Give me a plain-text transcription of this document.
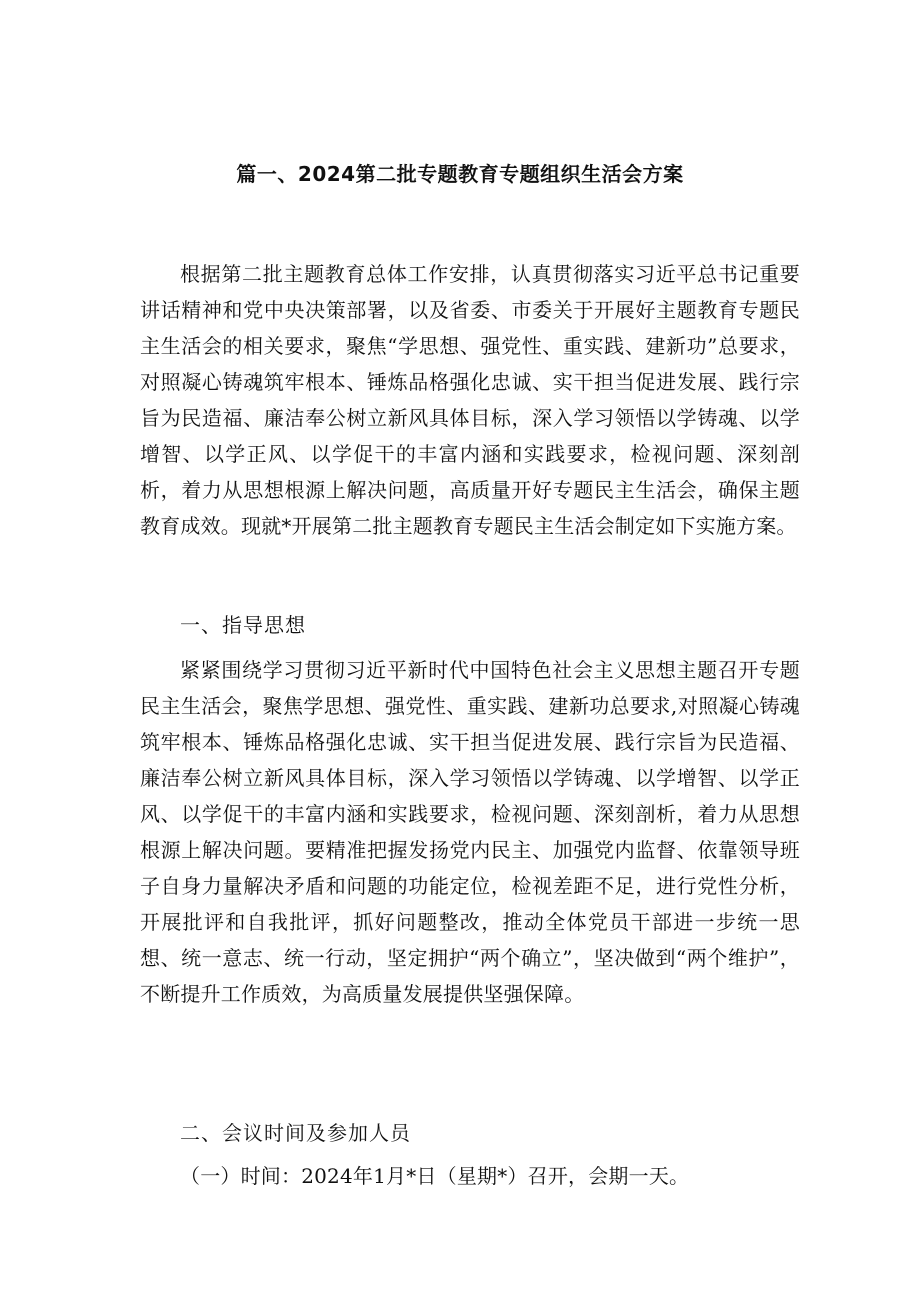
篇一、2024第二批专题教育专题组织生活会方案

根据第二批主题教育总体工作安排，认真贯彻落实习近平总书记重要讲话精神和党中央决策部署，以及省委、市委关于开展好主题教育专题民主生活会的相关要求，聚焦“学思想、强党性、重实践、建新功”总要求，对照凝心铸魂筑牢根本、锤炼品格强化忠诚、实干担当促进发展、践行宗旨为民造福、廉洁奉公树立新风具体目标，深入学习领悟以学铸魂、以学增智、以学正风、以学促干的丰富内涵和实践要求，检视问题、深刻剖析，着力从思想根源上解决问题，高质量开好专题民主生活会，确保主题教育成效。现就*开展第二批主题教育专题民主生活会制定如下实施方案。

一、指导思想

紧紧围绕学习贯彻习近平新时代中国特色社会主义思想主题召开专题民主生活会，聚焦学思想、强党性、重实践、建新功总要求,对照凝心铸魂筑牢根本、锤炼品格强化忠诚、实干担当促进发展、践行宗旨为民造福、廉洁奉公树立新风具体目标，深入学习领悟以学铸魂、以学增智、以学正风、以学促干的丰富内涵和实践要求，检视问题、深刻剖析，着力从思想根源上解决问题。要精准把握发扬党内民主、加强党内监督、依靠领导班子自身力量解决矛盾和问题的功能定位，检视差距不足，进行党性分析，开展批评和自我批评，抓好问题整改，推动全体党员干部进一步统一思想、统一意志、统一行动，坚定拥护“两个确立”，坚决做到“两个维护”，不断提升工作质效，为高质量发展提供坚强保障。

二、会议时间及参加人员

（一）时间：2024年1月*日（星期*）召开，会期一天。
